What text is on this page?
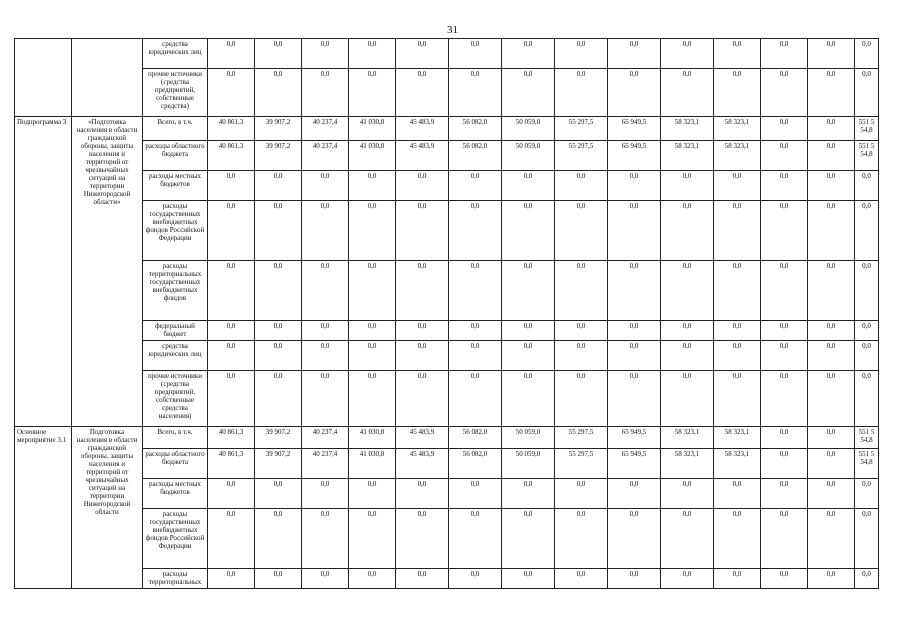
31
		средства юридических лиц	0,0	0,0	0,0	0,0	0,0	0,0	0,0	0,0	0,0	0,0	0,0	0,0	0,0	0,0
		прочие источники (средства предприятий, собственные средства)	0,0	0,0	0,0	0,0	0,0	0,0	0,0	0,0	0,0	0,0	0,0	0,0	0,0	0,0
Подпрограмма 3	«Подготовка населения в области гражданской обороны, защиты населения и территорий от чрезвычайных ситуаций на территории Нижегородской области»	Всего, в т.ч.	40 861,3	39 907,2	40 237,4	41 030,8	45 483,9	56 082,0	50 059,0	55 297,5	65 949,5	58 323,1	58 323,1	0,0	0,0	551 554,8
		расходы областного бюджета	40 861,3	39 907,2	40 237,4	41 030,8	45 483,9	56 082,0	50 059,0	55 297,5	65 949,5	58 323,1	58 323,1	0,0	0,0	551 554,8
		расходы местных бюджетов	0,0	0,0	0,0	0,0	0,0	0,0	0,0	0,0	0,0	0,0	0,0	0,0	0,0	0,0
		расходы государственных внебюджетных фондов Российской Федерации	0,0	0,0	0,0	0,0	0,0	0,0	0,0	0,0	0,0	0,0	0,0	0,0	0,0	0,0
		расходы территориальных государственных внебюджетных фондов	0,0	0,0	0,0	0,0	0,0	0,0	0,0	0,0	0,0	0,0	0,0	0,0	0,0	0,0
		федеральный бюджет	0,0	0,0	0,0	0,0	0,0	0,0	0,0	0,0	0,0	0,0	0,0	0,0	0,0	0,0
		средства юридических лиц	0,0	0,0	0,0	0,0	0,0	0,0	0,0	0,0	0,0	0,0	0,0	0,0	0,0	0,0
		прочие источники (средства предприятий, собственные средства населения)	0,0	0,0	0,0	0,0	0,0	0,0	0,0	0,0	0,0	0,0	0,0	0,0	0,0	0,0
Основное мероприятие 3.1	Подготовка населения в области гражданской обороны, защиты населения и территорий от чрезвычайных ситуаций на территории Нижегородской области	Всего, в т.ч.	40 861,3	39 907,2	40 237,4	41 030,8	45 483,9	56 082,0	50 059,0	55 297,5	65 949,5	58 323,1	58 323,1	0,0	0,0	551 554,8
		расходы областного бюджета	40 861,3	39 907,2	40 237,4	41 030,8	45 483,9	56 082,0	50 059,0	55 297,5	65 949,5	58 323,1	58 323,1	0,0	0,0	551 554,8
		расходы местных бюджетов	0,0	0,0	0,0	0,0	0,0	0,0	0,0	0,0	0,0	0,0	0,0	0,0	0,0	0,0
		расходы государственных внебюджетных фондов Российской Федерации	0,0	0,0	0,0	0,0	0,0	0,0	0,0	0,0	0,0	0,0	0,0	0,0	0,0	0,0
		расходы территориальных	0,0	0,0	0,0	0,0	0,0	0,0	0,0	0,0	0,0	0,0	0,0	0,0	0,0	0,0
